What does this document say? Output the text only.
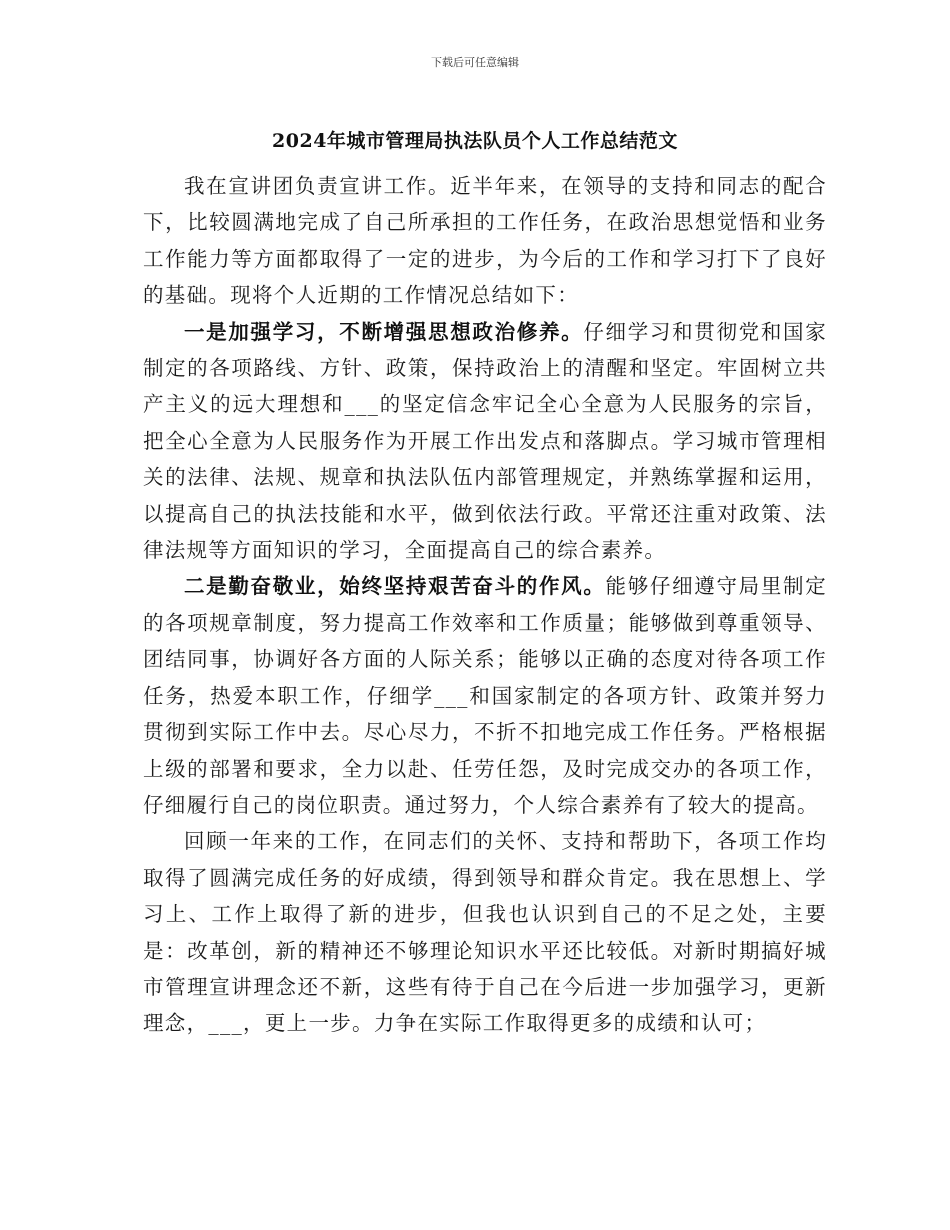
下载后可任意编辑
2024年城市管理局执法队员个人工作总结范文

我在宣讲团负责宣讲工作。近半年来，在领导的支持和同志的配合下，比较圆满地完成了自己所承担的工作任务，在政治思想觉悟和业务工作能力等方面都取得了一定的进步，为今后的工作和学习打下了良好的基础。现将个人近期的工作情况总结如下：

一是加强学习，不断增强思想政治修养。仔细学习和贯彻党和国家制定的各项路线、方针、政策，保持政治上的清醒和坚定。牢固树立共产主义的远大理想和___的坚定信念牢记全心全意为人民服务的宗旨，把全心全意为人民服务作为开展工作出发点和落脚点。学习城市管理相关的法律、法规、规章和执法队伍内部管理规定，并熟练掌握和运用，以提高自己的执法技能和水平，做到依法行政。平常还注重对政策、法律法规等方面知识的学习，全面提高自己的综合素养。

二是勤奋敬业，始终坚持艰苦奋斗的作风。能够仔细遵守局里制定的各项规章制度，努力提高工作效率和工作质量；能够做到尊重领导、团结同事，协调好各方面的人际关系；能够以正确的态度对待各项工作任务，热爱本职工作，仔细学___和国家制定的各项方针、政策并努力贯彻到实际工作中去。尽心尽力，不折不扣地完成工作任务。严格根据上级的部署和要求，全力以赴、任劳任怨，及时完成交办的各项工作，仔细履行自己的岗位职责。通过努力，个人综合素养有了较大的提高。

回顾一年来的工作，在同志们的关怀、支持和帮助下，各项工作均取得了圆满完成任务的好成绩，得到领导和群众肯定。我在思想上、学习上、工作上取得了新的进步，但我也认识到自己的不足之处，主要是：改革创，新的精神还不够理论知识水平还比较低。对新时期搞好城市管理宣讲理念还不新，这些有待于自己在今后进一步加强学习，更新理念，___，更上一步。力争在实际工作取得更多的成绩和认可；
